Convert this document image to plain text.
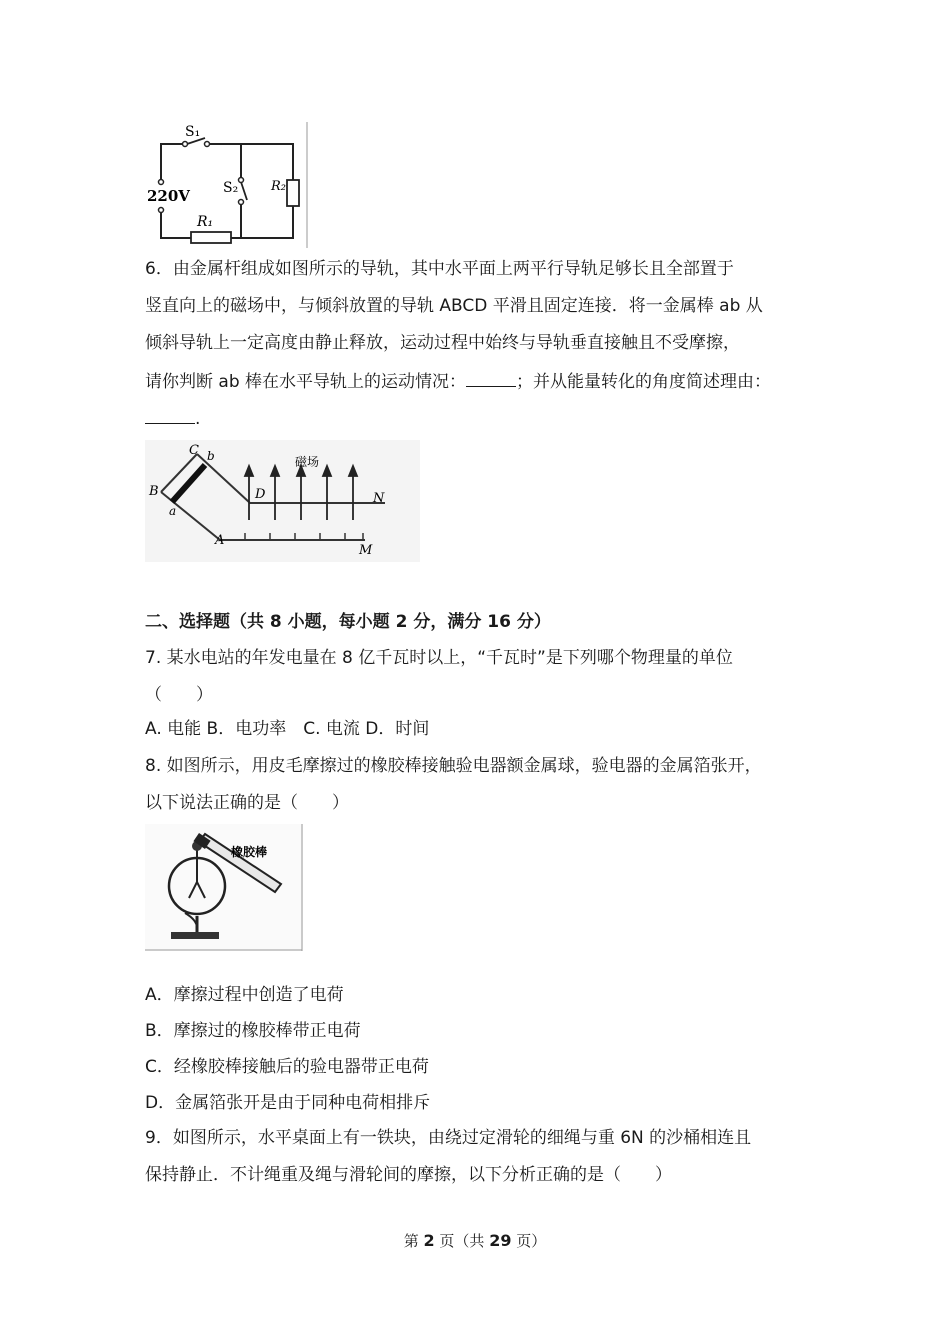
S₁
S₂
220V
R₁
R₂
6．由金属杆组成如图所示的导轨，其中水平面上两平行导轨足够长且全部置于
竖直向上的磁场中，与倾斜放置的导轨 ABCD 平滑且固定连接．将一金属棒 ab 从
倾斜导轨上一定高度由静止释放，运动过程中始终与导轨垂直接触且不受摩擦，
请你判断 ab 棒在水平导轨上的运动情况：	；并从能量转化的角度简述理由：
.
磁场
C b
B
a
D	N
A
M
二、选择题（共 8 小题，每小题 2 分，满分 16 分）
7. 某水电站的年发电量在 8 亿千瓦时以上，“千瓦时”是下列哪个物理量的单位
（　　）
A. 电能 B．电功率　C. 电流 D．时间
8. 如图所示，用皮毛摩擦过的橡胶棒接触验电器额金属球，验电器的金属箔张开，
以下说法正确的是（　　）
橡胶棒
A．摩擦过程中创造了电荷
B．摩擦过的橡胶棒带正电荷
C．经橡胶棒接触后的验电器带正电荷
D．金属箔张开是由于同种电荷相排斥
9．如图所示，水平桌面上有一铁块，由绕过定滑轮的细绳与重 6N 的沙桶相连且
保持静止．不计绳重及绳与滑轮间的摩擦，以下分析正确的是（　　）
第 2 页（共 29 页）
